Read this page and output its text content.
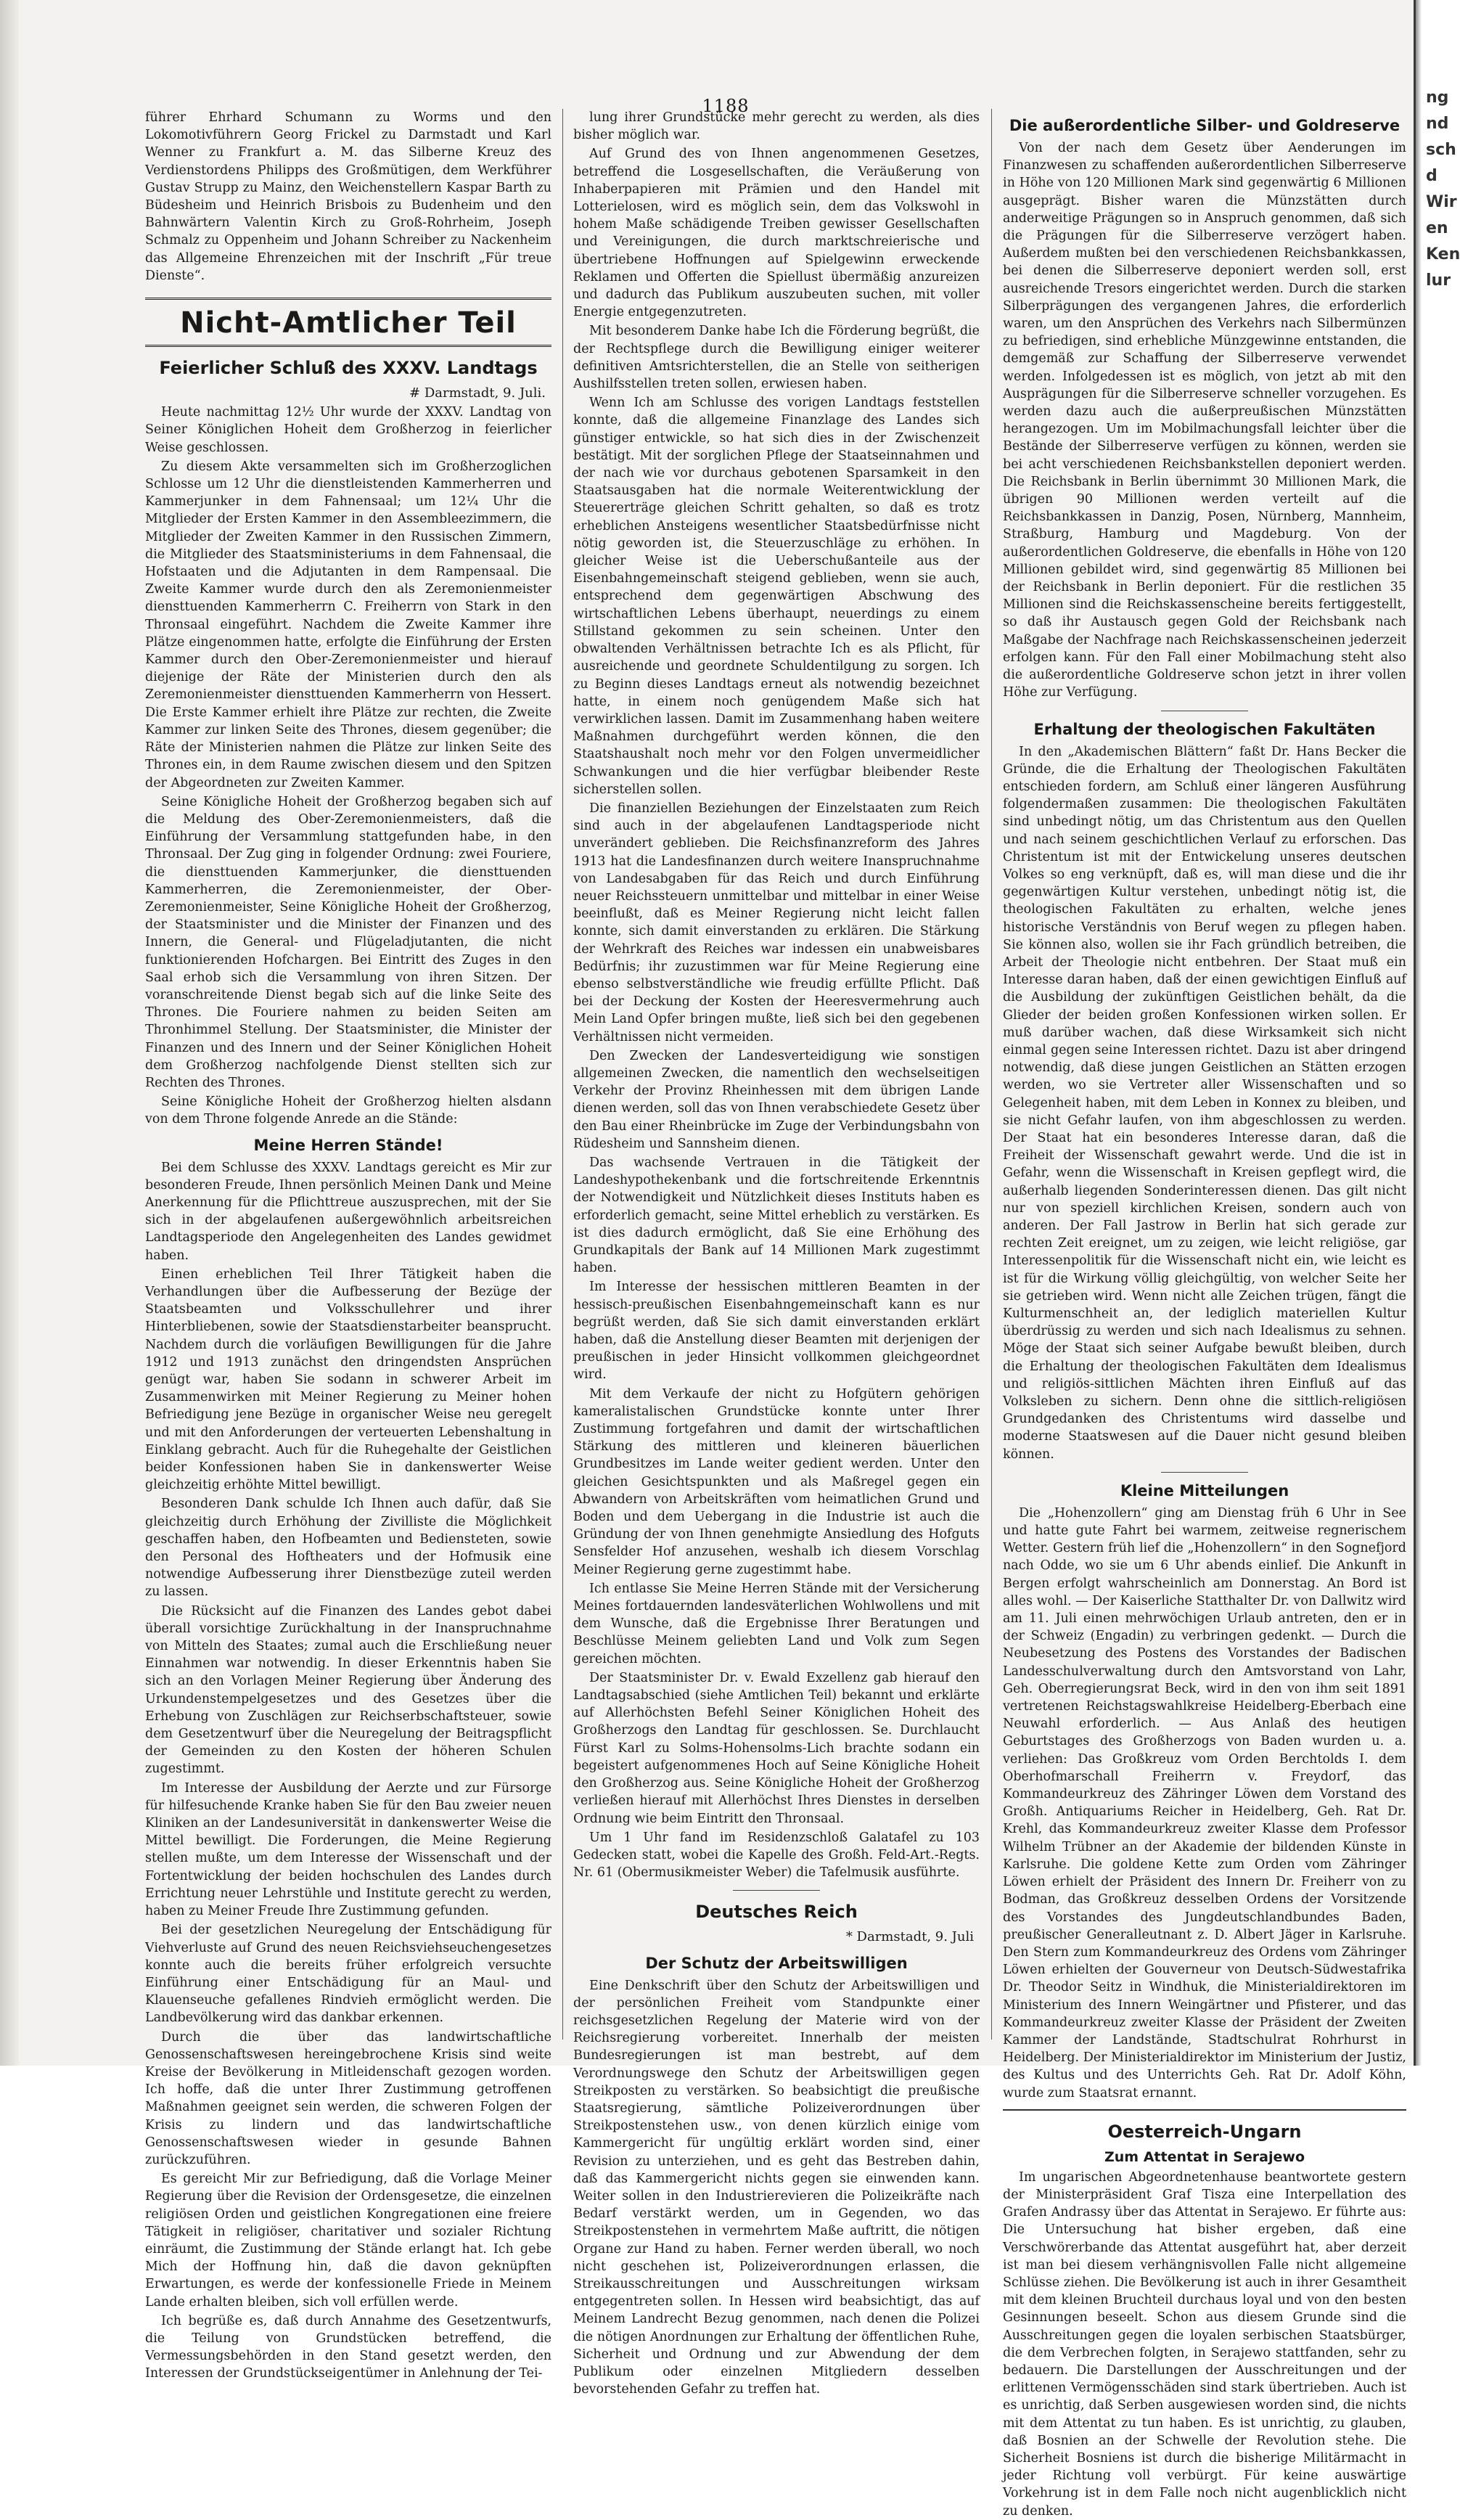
1188

führer Ehrhard Schumann zu Worms und den Lokomotivführern Georg Frickel zu Darmstadt und Karl Wenner zu Frankfurt a. M. das Silberne Kreuz des Verdienstordens Philipps des Großmütigen, dem Werkführer Gustav Strupp zu Mainz, den Weichenstellern Kaspar Barth zu Büdesheim und Heinrich Brisbois zu Budenheim und den Bahnwärtern Valentin Kirch zu Groß-Rohrheim, Joseph Schmalz zu Oppenheim und Johann Schreiber zu Nackenheim das Allgemeine Ehrenzeichen mit der Inschrift „Für treue Dienste“.

Nicht-Amtlicher Teil
Feierlicher Schluß des XXXV. Landtags
# Darmstadt, 9. Juli.

Heute nachmittag 12½ Uhr wurde der XXXV. Landtag von Seiner Königlichen Hoheit dem Großherzog in feierlicher Weise geschlossen.

Zu diesem Akte versammelten sich im Großherzoglichen Schlosse um 12 Uhr die dienstleistenden Kammerherren und Kammerjunker in dem Fahnensaal; um 12¼ Uhr die Mitglieder der Ersten Kammer in den Assembleezimmern, die Mitglieder der Zweiten Kammer in den Russischen Zimmern, die Mitglieder des Staatsministeriums in dem Fahnensaal, die Hofstaaten und die Adjutanten in dem Rampensaal. Die Zweite Kammer wurde durch den als Zeremonienmeister diensttuenden Kammerherrn C. Freiherrn von Stark in den Thronsaal eingeführt. Nachdem die Zweite Kammer ihre Plätze eingenommen hatte, erfolgte die Einführung der Ersten Kammer durch den Ober-Zeremonienmeister und hierauf diejenige der Räte der Ministerien durch den als Zeremonienmeister diensttuenden Kammerherrn von Hessert. Die Erste Kammer erhielt ihre Plätze zur rechten, die Zweite Kammer zur linken Seite des Thrones, diesem gegenüber; die Räte der Ministerien nahmen die Plätze zur linken Seite des Thrones ein, in dem Raume zwischen diesem und den Spitzen der Abgeordneten zur Zweiten Kammer.

Seine Königliche Hoheit der Großherzog begaben sich auf die Meldung des Ober-Zeremonienmeisters, daß die Einführung der Versammlung stattgefunden habe, in den Thronsaal. Der Zug ging in folgender Ordnung: zwei Fouriere, die diensttuenden Kammerjunker, die diensttuenden Kammerherren, die Zeremonienmeister, der Ober-Zeremonienmeister, Seine Königliche Hoheit der Großherzog, der Staatsminister und die Minister der Finanzen und des Innern, die General- und Flügeladjutanten, die nicht funktionierenden Hofchargen. Bei Eintritt des Zuges in den Saal erhob sich die Versammlung von ihren Sitzen. Der voranschreitende Dienst begab sich auf die linke Seite des Thrones. Die Fouriere nahmen zu beiden Seiten am Thronhimmel Stellung. Der Staatsminister, die Minister der Finanzen und des Innern und der Seiner Königlichen Hoheit dem Großherzog nachfolgende Dienst stellten sich zur Rechten des Thrones.

Seine Königliche Hoheit der Großherzog hielten alsdann von dem Throne folgende Anrede an die Stände:

Meine Herren Stände!

Bei dem Schlusse des XXXV. Landtags gereicht es Mir zur besonderen Freude, Ihnen persönlich Meinen Dank und Meine Anerkennung für die Pflichttreue auszusprechen, mit der Sie sich in der abgelaufenen außergewöhnlich arbeitsreichen Landtagsperiode den Angelegenheiten des Landes gewidmet haben.

Einen erheblichen Teil Ihrer Tätigkeit haben die Verhandlungen über die Aufbesserung der Bezüge der Staatsbeamten und Volksschullehrer und ihrer Hinterbliebenen, sowie der Staatsdienstarbeiter beansprucht. Nachdem durch die vorläufigen Bewilligungen für die Jahre 1912 und 1913 zunächst den dringendsten Ansprüchen genügt war, haben Sie sodann in schwerer Arbeit im Zusammenwirken mit Meiner Regierung zu Meiner hohen Befriedigung jene Bezüge in organischer Weise neu geregelt und mit den Anforderungen der verteuerten Lebenshaltung in Einklang gebracht. Auch für die Ruhegehalte der Geistlichen beider Konfessionen haben Sie in dankenswerter Weise gleichzeitig erhöhte Mittel bewilligt.

Besonderen Dank schulde Ich Ihnen auch dafür, daß Sie gleichzeitig durch Erhöhung der Zivilliste die Möglichkeit geschaffen haben, den Hofbeamten und Bediensteten, sowie den Personal des Hoftheaters und der Hofmusik eine notwendige Aufbesserung ihrer Dienstbezüge zuteil werden zu lassen.

Die Rücksicht auf die Finanzen des Landes gebot dabei überall vorsichtige Zurückhaltung in der Inanspruchnahme von Mitteln des Staates; zumal auch die Erschließung neuer Einnahmen war notwendig. In dieser Erkenntnis haben Sie sich an den Vorlagen Meiner Regierung über Änderung des Urkundenstempelgesetzes und des Gesetzes über die Erhebung von Zuschlägen zur Reichserbschaftsteuer, sowie dem Gesetzentwurf über die Neuregelung der Beitragspflicht der Gemeinden zu den Kosten der höheren Schulen zugestimmt.

Im Interesse der Ausbildung der Aerzte und zur Fürsorge für hilfesuchende Kranke haben Sie für den Bau zweier neuen Kliniken an der Landesuniversität in dankenswerter Weise die Mittel bewilligt. Die Forderungen, die Meine Regierung stellen mußte, um dem Interesse der Wissenschaft und der Fortentwicklung der beiden hochschulen des Landes durch Errichtung neuer Lehrstühle und Institute gerecht zu werden, haben zu Meiner Freude Ihre Zustimmung gefunden.

Bei der gesetzlichen Neuregelung der Entschädigung für Viehverluste auf Grund des neuen Reichsviehseuchengesetzes konnte auch die bereits früher erfolgreich versuchte Einführung einer Entschädigung für an Maul- und Klauenseuche gefallenes Rindvieh ermöglicht werden. Die Landbevölkerung wird das dankbar erkennen.

Durch die über das landwirtschaftliche Genossenschaftswesen hereingebrochene Krisis sind weite Kreise der Bevölkerung in Mitleidenschaft gezogen worden. Ich hoffe, daß die unter Ihrer Zustimmung getroffenen Maßnahmen geeignet sein werden, die schweren Folgen der Krisis zu lindern und das landwirtschaftliche Genossenschaftswesen wieder in gesunde Bahnen zurückzuführen.

Es gereicht Mir zur Befriedigung, daß die Vorlage Meiner Regierung über die Revision der Ordensgesetze, die einzelnen religiösen Orden und geistlichen Kongregationen eine freiere Tätigkeit in religiöser, charitativer und sozialer Richtung einräumt, die Zustimmung der Stände erlangt hat. Ich gebe Mich der Hoffnung hin, daß die davon geknüpften Erwartungen, es werde der konfessionelle Friede in Meinem Lande erhalten bleiben, sich voll erfüllen werde.

Ich begrüße es, daß durch Annahme des Gesetzentwurfs, die Teilung von Grundstücken betreffend, die Vermessungsbehörden in den Stand gesetzt werden, den Interessen der Grundstückseigentümer in Anlehnung der Tei-

lung ihrer Grundstücke mehr gerecht zu werden, als dies bisher möglich war.

Auf Grund des von Ihnen angenommenen Gesetzes, betreffend die Losgesellschaften, die Veräußerung von Inhaberpapieren mit Prämien und den Handel mit Lotterielosen, wird es möglich sein, dem das Volkswohl in hohem Maße schädigende Treiben gewisser Gesellschaften und Vereinigungen, die durch marktschreierische und übertriebene Hoffnungen auf Spielgewinn erweckende Reklamen und Offerten die Spiellust übermäßig anzureizen und dadurch das Publikum auszubeuten suchen, mit voller Energie entgegenzutreten.

Mit besonderem Danke habe Ich die Förderung begrüßt, die der Rechtspflege durch die Bewilligung einiger weiterer definitiven Amtsrichterstellen, die an Stelle von seitherigen Aushilfsstellen treten sollen, erwiesen haben.

Wenn Ich am Schlusse des vorigen Landtags feststellen konnte, daß die allgemeine Finanzlage des Landes sich günstiger entwickle, so hat sich dies in der Zwischenzeit bestätigt. Mit der sorglichen Pflege der Staatseinnahmen und der nach wie vor durchaus gebotenen Sparsamkeit in den Staatsausgaben hat die normale Weiterentwicklung der Steuererträge gleichen Schritt gehalten, so daß es trotz erheblichen Ansteigens wesentlicher Staatsbedürfnisse nicht nötig geworden ist, die Steuerzuschläge zu erhöhen. In gleicher Weise ist die Ueberschußanteile aus der Eisenbahngemeinschaft steigend geblieben, wenn sie auch, entsprechend dem gegenwärtigen Abschwung des wirtschaftlichen Lebens überhaupt, neuerdings zu einem Stillstand gekommen zu sein scheinen. Unter den obwaltenden Verhältnissen betrachte Ich es als Pflicht, für ausreichende und geordnete Schuldentilgung zu sorgen. Ich zu Beginn dieses Landtags erneut als notwendig bezeichnet hatte, in einem noch genügendem Maße sich hat verwirklichen lassen. Damit im Zusammenhang haben weitere Maßnahmen durchgeführt werden können, die den Staatshaushalt noch mehr vor den Folgen unvermeidlicher Schwankungen und die hier verfügbar bleibender Reste sicherstellen sollen.

Die finanziellen Beziehungen der Einzelstaaten zum Reich sind auch in der abgelaufenen Landtagsperiode nicht unverändert geblieben. Die Reichsfinanzreform des Jahres 1913 hat die Landesfinanzen durch weitere Inanspruchnahme von Landesabgaben für das Reich und durch Einführung neuer Reichssteuern unmittelbar und mittelbar in einer Weise beeinflußt, daß es Meiner Regierung nicht leicht fallen konnte, sich damit einverstanden zu erklären. Die Stärkung der Wehrkraft des Reiches war indessen ein unabweisbares Bedürfnis; ihr zuzustimmen war für Meine Regierung eine ebenso selbstverständliche wie freudig erfüllte Pflicht. Daß bei der Deckung der Kosten der Heeresvermehrung auch Mein Land Opfer bringen mußte, ließ sich bei den gegebenen Verhältnissen nicht vermeiden.

Den Zwecken der Landesverteidigung wie sonstigen allgemeinen Zwecken, die namentlich den wechselseitigen Verkehr der Provinz Rheinhessen mit dem übrigen Lande dienen werden, soll das von Ihnen verabschiedete Gesetz über den Bau einer Rheinbrücke im Zuge der Verbindungsbahn von Rüdesheim und Sannsheim dienen.

Das wachsende Vertrauen in die Tätigkeit der Landeshypothekenbank und die fortschreitende Erkenntnis der Notwendigkeit und Nützlichkeit dieses Instituts haben es erforderlich gemacht, seine Mittel erheblich zu verstärken. Es ist dies dadurch ermöglicht, daß Sie eine Erhöhung des Grundkapitals der Bank auf 14 Millionen Mark zugestimmt haben.

Im Interesse der hessischen mittleren Beamten in der hessisch-preußischen Eisenbahngemeinschaft kann es nur begrüßt werden, daß Sie sich damit einverstanden erklärt haben, daß die Anstellung dieser Beamten mit derjenigen der preußischen in jeder Hinsicht vollkommen gleichgeordnet wird.

Mit dem Verkaufe der nicht zu Hofgütern gehörigen kameralistalischen Grundstücke konnte unter Ihrer Zustimmung fortgefahren und damit der wirtschaftlichen Stärkung des mittleren und kleineren bäuerlichen Grundbesitzes im Lande weiter gedient werden. Unter den gleichen Gesichtspunkten und als Maßregel gegen ein Abwandern von Arbeitskräften vom heimatlichen Grund und Boden und dem Uebergang in die Industrie ist auch die Gründung der von Ihnen genehmigte Ansiedlung des Hofguts Sensfelder Hof anzusehen, weshalb ich diesem Vorschlag Meiner Regierung gerne zugestimmt habe.

Ich entlasse Sie Meine Herren Stände mit der Versicherung Meines fortdauernden landesväterlichen Wohlwollens und mit dem Wunsche, daß die Ergebnisse Ihrer Beratungen und Beschlüsse Meinem geliebten Land und Volk zum Segen gereichen möchten.

Der Staatsminister Dr. v. Ewald Exzellenz gab hierauf den Landtagsabschied (siehe Amtlichen Teil) bekannt und erklärte auf Allerhöchsten Befehl Seiner Königlichen Hoheit des Großherzogs den Landtag für geschlossen. Se. Durchlaucht Fürst Karl zu Solms-Hohensolms-Lich brachte sodann ein begeistert aufgenommenes Hoch auf Seine Königliche Hoheit den Großherzog aus. Seine Königliche Hoheit der Großherzog verließen hierauf mit Allerhöchst Ihres Dienstes in derselben Ordnung wie beim Eintritt den Thronsaal.

Um 1 Uhr fand im Residenzschloß Galatafel zu 103 Gedecken statt, wobei die Kapelle des Großh. Feld-Art.-Regts. Nr. 61 (Obermusikmeister Weber) die Tafelmusik ausführte.

Deutsches Reich
* Darmstadt, 9. Juli
Der Schutz der Arbeitswilligen

Eine Denkschrift über den Schutz der Arbeitswilligen und der persönlichen Freiheit vom Standpunkte einer reichsgesetzlichen Regelung der Materie wird von der Reichsregierung vorbereitet. Innerhalb der meisten Bundesregierungen ist man bestrebt, auf dem Verordnungswege den Schutz der Arbeitswilligen gegen Streikposten zu verstärken. So beabsichtigt die preußische Staatsregierung, sämtliche Polizeiverordnungen über Streikpostenstehen usw., von denen kürzlich einige vom Kammergericht für ungültig erklärt worden sind, einer Revision zu unterziehen, und es geht das Bestreben dahin, daß das Kammergericht nichts gegen sie einwenden kann. Weiter sollen in den Industrierevieren die Polizeikräfte nach Bedarf verstärkt werden, um in Gegenden, wo das Streikpostenstehen in vermehrtem Maße auftritt, die nötigen Organe zur Hand zu haben. Ferner werden überall, wo noch nicht geschehen ist, Polizeiverordnungen erlassen, die Streikausschreitungen und Ausschreitungen wirksam entgegentreten sollen. In Hessen wird beabsichtigt, das auf Meinem Landrecht Bezug genommen, nach denen die Polizei die nötigen Anordnungen zur Erhaltung der öffentlichen Ruhe, Sicherheit und Ordnung und zur Abwendung der dem Publikum oder einzelnen Mitgliedern desselben bevorstehenden Gefahr zu treffen hat.

Die außerordentliche Silber- und Goldreserve

Von der nach dem Gesetz über Aenderungen im Finanzwesen zu schaffenden außerordentlichen Silberreserve in Höhe von 120 Millionen Mark sind gegenwärtig 6 Millionen ausgeprägt. Bisher waren die Münzstätten durch anderweitige Prägungen so in Anspruch genommen, daß sich die Prägungen für die Silberreserve verzögert haben. Außerdem mußten bei den verschiedenen Reichsbankkassen, bei denen die Silberreserve deponiert werden soll, erst ausreichende Tresors eingerichtet werden. Durch die starken Silberprägungen des vergangenen Jahres, die erforderlich waren, um den Ansprüchen des Verkehrs nach Silbermünzen zu befriedigen, sind erhebliche Münzgewinne entstanden, die demgemäß zur Schaffung der Silberreserve verwendet werden. Infolgedessen ist es möglich, von jetzt ab mit den Ausprägungen für die Silberreserve schneller vorzugehen. Es werden dazu auch die außerpreußischen Münzstätten herangezogen. Um im Mobilmachungsfall leichter über die Bestände der Silberreserve verfügen zu können, werden sie bei acht verschiedenen Reichsbankstellen deponiert werden. Die Reichsbank in Berlin übernimmt 30 Millionen Mark, die übrigen 90 Millionen werden verteilt auf die Reichsbankkassen in Danzig, Posen, Nürnberg, Mannheim, Straßburg, Hamburg und Magdeburg. Von der außerordentlichen Goldreserve, die ebenfalls in Höhe von 120 Millionen gebildet wird, sind gegenwärtig 85 Millionen bei der Reichsbank in Berlin deponiert. Für die restlichen 35 Millionen sind die Reichskassenscheine bereits fertiggestellt, so daß ihr Austausch gegen Gold der Reichsbank nach Maßgabe der Nachfrage nach Reichskassenscheinen jederzeit erfolgen kann. Für den Fall einer Mobilmachung steht also die außerordentliche Goldreserve schon jetzt in ihrer vollen Höhe zur Verfügung.

Erhaltung der theologischen Fakultäten

In den „Akademischen Blättern“ faßt Dr. Hans Becker die Gründe, die die Erhaltung der Theologischen Fakultäten entschieden fordern, am Schluß einer längeren Ausführung folgendermaßen zusammen: Die theologischen Fakultäten sind unbedingt nötig, um das Christentum aus den Quellen und nach seinem geschichtlichen Verlauf zu erforschen. Das Christentum ist mit der Entwickelung unseres deutschen Volkes so eng verknüpft, daß es, will man diese und die ihr gegenwärtigen Kultur verstehen, unbedingt nötig ist, die theologischen Fakultäten zu erhalten, welche jenes historische Verständnis von Beruf wegen zu pflegen haben. Sie können also, wollen sie ihr Fach gründlich betreiben, die Arbeit der Theologie nicht entbehren. Der Staat muß ein Interesse daran haben, daß der einen gewichtigen Einfluß auf die Ausbildung der zukünftigen Geistlichen behält, da die Glieder der beiden großen Konfessionen wirken sollen. Er muß darüber wachen, daß diese Wirksamkeit sich nicht einmal gegen seine Interessen richtet. Dazu ist aber dringend notwendig, daß diese jungen Geistlichen an Stätten erzogen werden, wo sie Vertreter aller Wissenschaften und so Gelegenheit haben, mit dem Leben in Konnex zu bleiben, und sie nicht Gefahr laufen, von ihm abgeschlossen zu werden. Der Staat hat ein besonderes Interesse daran, daß die Freiheit der Wissenschaft gewahrt werde. Und die ist in Gefahr, wenn die Wissenschaft in Kreisen gepflegt wird, die außerhalb liegenden Sonderinteressen dienen. Das gilt nicht nur von speziell kirchlichen Kreisen, sondern auch von anderen. Der Fall Jastrow in Berlin hat sich gerade zur rechten Zeit ereignet, um zu zeigen, wie leicht religiöse, gar Interessenpolitik für die Wissenschaft nicht ein, wie leicht es ist für die Wirkung völlig gleichgültig, von welcher Seite her sie getrieben wird. Wenn nicht alle Zeichen trügen, fängt die Kulturmenschheit an, der lediglich materiellen Kultur überdrüssig zu werden und sich nach Idealismus zu sehnen. Möge der Staat sich seiner Aufgabe bewußt bleiben, durch die Erhaltung der theologischen Fakultäten dem Idealismus und religiös-sittlichen Mächten ihren Einfluß auf das Volksleben zu sichern. Denn ohne die sittlich-religiösen Grundgedanken des Christentums wird dasselbe und moderne Staatswesen auf die Dauer nicht gesund bleiben können.

Kleine Mitteilungen

Die „Hohenzollern“ ging am Dienstag früh 6 Uhr in See und hatte gute Fahrt bei warmem, zeitweise regnerischem Wetter. Gestern früh lief die „Hohenzollern“ in den Sognefjord nach Odde, wo sie um 6 Uhr abends einlief. Die Ankunft in Bergen erfolgt wahrscheinlich am Donnerstag. An Bord ist alles wohl. — Der Kaiserliche Statthalter Dr. von Dallwitz wird am 11. Juli einen mehrwöchigen Urlaub antreten, den er in der Schweiz (Engadin) zu verbringen gedenkt. — Durch die Neubesetzung des Postens des Vorstandes der Badischen Landesschulverwaltung durch den Amtsvorstand von Lahr, Geh. Oberregierungsrat Beck, wird in den von ihm seit 1891 vertretenen Reichstagswahlkreise Heidelberg-Eberbach eine Neuwahl erforderlich. — Aus Anlaß des heutigen Geburtstages des Großherzogs von Baden wurden u. a. verliehen: Das Großkreuz vom Orden Berchtolds I. dem Oberhofmarschall Freiherrn v. Freydorf, das Kommandeurkreuz des Zähringer Löwen dem Vorstand des Großh. Antiquariums Reicher in Heidelberg, Geh. Rat Dr. Krehl, das Kommandeurkreuz zweiter Klasse dem Professor Wilhelm Trübner an der Akademie der bildenden Künste in Karlsruhe. Die goldene Kette zum Orden vom Zähringer Löwen erhielt der Präsident des Innern Dr. Freiherr von zu Bodman, das Großkreuz desselben Ordens der Vorsitzende des Vorstandes des Jungdeutschlandbundes Baden, preußischer Generalleutnant z. D. Albert Jäger in Karlsruhe. Den Stern zum Kommandeurkreuz des Ordens vom Zähringer Löwen erhielten der Gouverneur von Deutsch-Südwestafrika Dr. Theodor Seitz in Windhuk, die Ministerialdirektoren im Ministerium des Innern Weingärtner und Pfisterer, und das Kommandeurkreuz zweiter Klasse der Präsident der Zweiten Kammer der Landstände, Stadtschulrat Rohrhurst in Heidelberg. Der Ministerialdirektor im Ministerium der Justiz, des Kultus und des Unterrichts Geh. Rat Dr. Adolf Köhn, wurde zum Staatsrat ernannt.

Oesterreich-Ungarn
Zum Attentat in Serajewo

Im ungarischen Abgeordnetenhause beantwortete gestern der Ministerpräsident Graf Tisza eine Interpellation des Grafen Andrassy über das Attentat in Serajewo. Er führte aus: Die Untersuchung hat bisher ergeben, daß eine Verschwörerbande das Attentat ausgeführt hat, aber derzeit ist man bei diesem verhängnisvollen Falle nicht allgemeine Schlüsse ziehen. Die Bevölkerung ist auch in ihrer Gesamtheit mit dem kleinen Bruchteil durchaus loyal und von den besten Gesinnungen beseelt. Schon aus diesem Grunde sind die Ausschreitungen gegen die loyalen serbischen Staatsbürger, die dem Verbrechen folgten, in Serajewo stattfanden, sehr zu bedauern. Die Darstellungen der Ausschreitungen und der erlittenen Vermögensschäden sind stark übertrieben. Auch ist es unrichtig, daß Serben ausgewiesen worden sind, die nichts mit dem Attentat zu tun haben. Es ist unrichtig, zu glauben, daß Bosnien an der Schwelle der Revolution stehe. Die Sicherheit Bosniens ist durch die bisherige Militärmacht in jeder Richtung voll verbürgt. Für keine auswärtige Vorkehrung ist in dem Falle noch nicht augenblicklich nicht zu denken.

ng
nd
sch
d
Wir
en
Ken
lur
